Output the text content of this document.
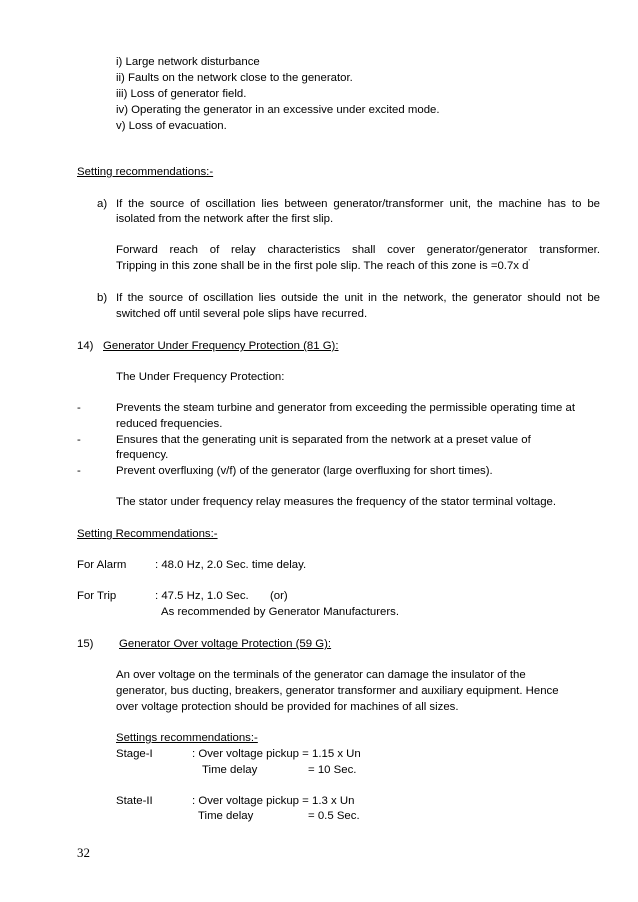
i) Large network disturbance
ii) Faults on the network close to the generator.
iii) Loss of generator field.
iv) Operating the generator in an excessive under excited mode.
v) Loss of evacuation.
Setting recommendations:-
a) If the source of oscillation lies between generator/transformer unit, the machine has to be
isolated from the network after the first slip.
Forward reach of relay characteristics shall cover generator/generator transformer.
Tripping in this zone shall be in the first pole slip. The reach of this zone is =0.7x d'
b) If the source of oscillation lies outside the unit in the network, the generator should not be
switched off until several pole slips have recurred.
14) Generator Under Frequency Protection (81 G):
The Under Frequency Protection:
-	Prevents the steam turbine and generator from exceeding the permissible operating time at
reduced frequencies.
-	Ensures that the generating unit is separated from the network at a preset value of
frequency.
-	Prevent overfluxing (v/f) of the generator (large overfluxing for short times).
The stator under frequency relay measures the frequency of the stator terminal voltage.
Setting Recommendations:-
For Alarm	: 48.0 Hz, 2.0 Sec. time delay.
For Trip	: 47.5 Hz, 1.0 Sec. (or)
As recommended by Generator Manufacturers.
15) Generator Over voltage Protection (59 G):
An over voltage on the terminals of the generator can damage the insulator of the
generator, bus ducting, breakers, generator transformer and auxiliary equipment. Hence
over voltage protection should be provided for machines of all sizes.
Settings recommendations:-
Stage-I	: Over voltage pickup = 1.15 x Un
Time delay	= 10 Sec.
State-II	: Over voltage pickup = 1.3 x Un
Time delay	= 0.5 Sec.
32
